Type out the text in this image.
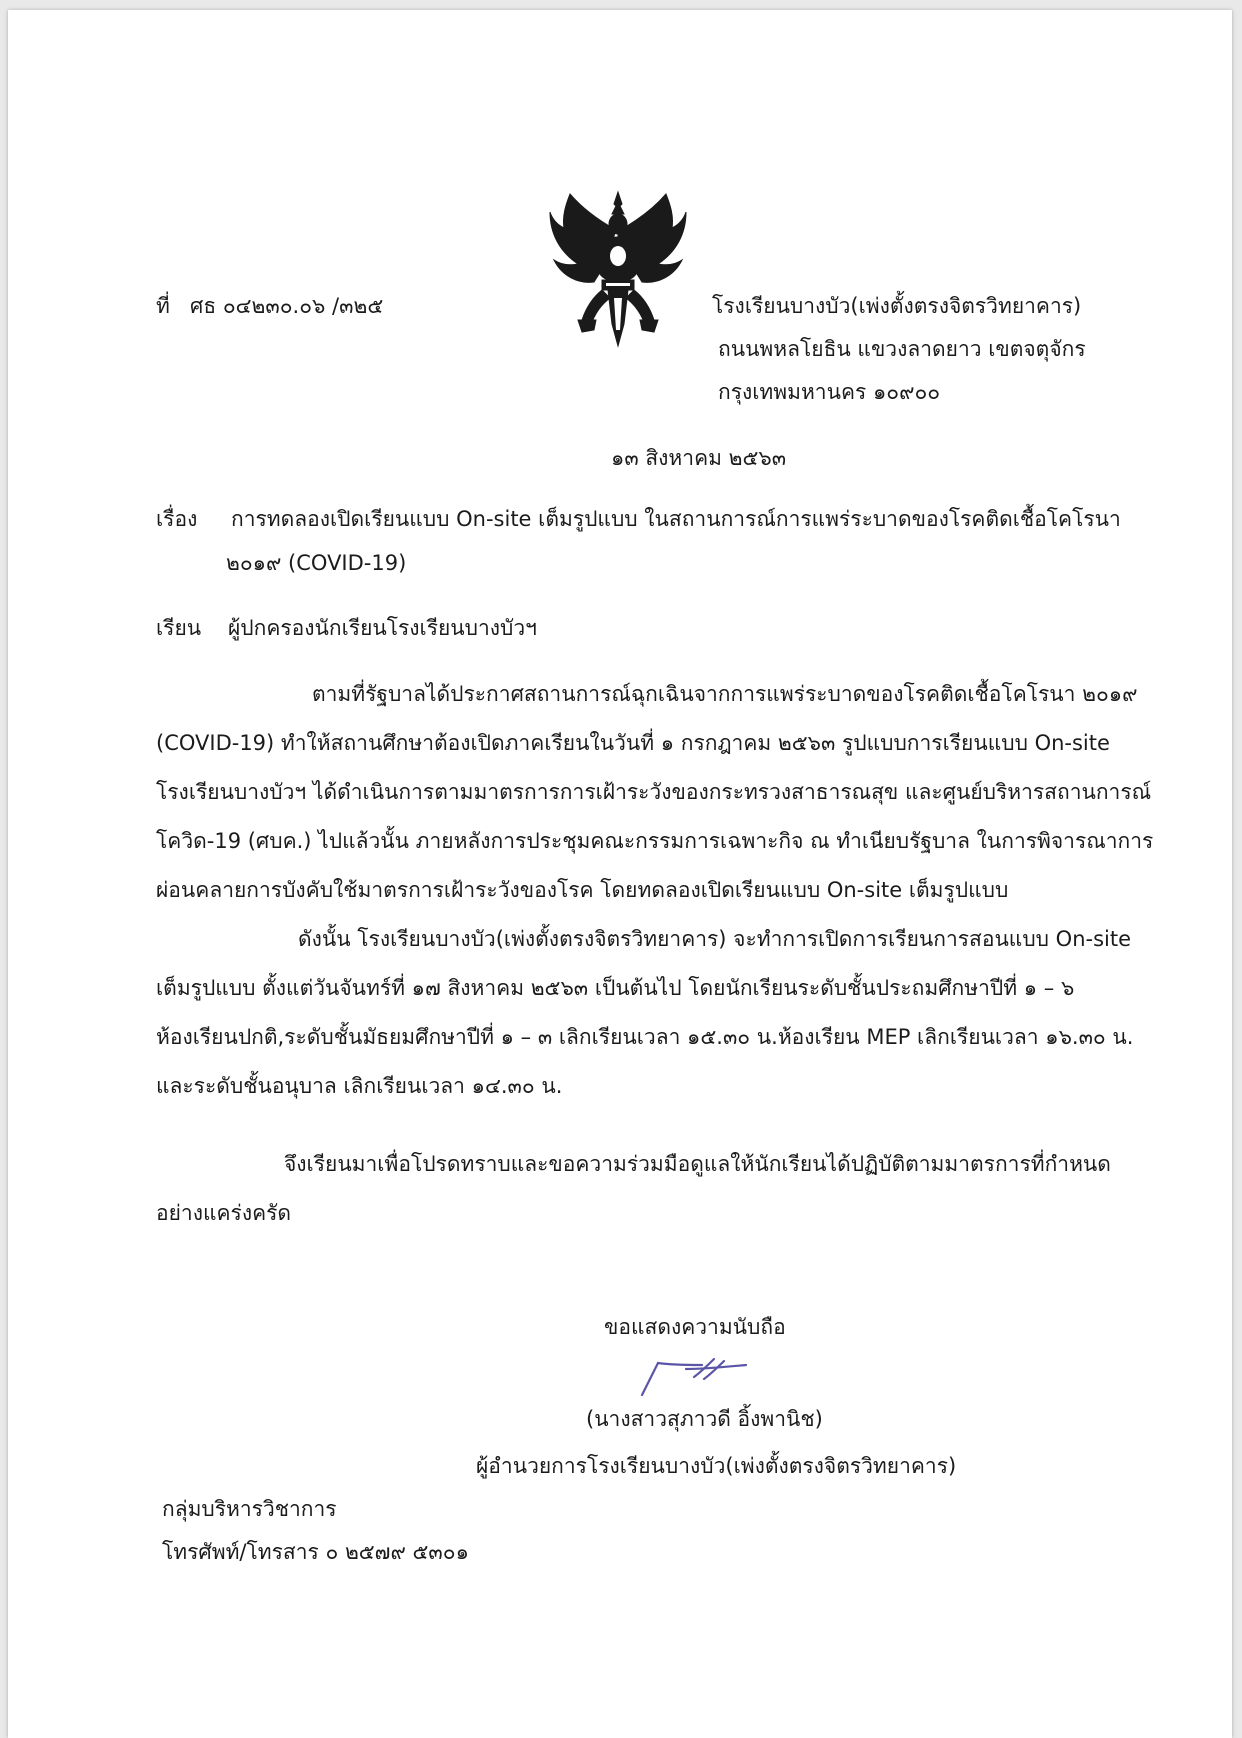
ที่ ศธ ๐๔๒๓๐.๐๖ /๓๒๕	โรงเรียนบางบัว(เพ่งตั้งตรงจิตรวิทยาคาร)
ถนนพหลโยธิน แขวงลาดยาว เขตจตุจักร
กรุงเทพมหานคร ๑๐๙๐๐
๑๓ สิงหาคม ๒๕๖๓
เรื่อง การทดลองเปิดเรียนแบบ On-site เต็มรูปแบบ ในสถานการณ์การแพร่ระบาดของโรคติดเชื้อโคโรนา
๒๐๑๙ (COVID-19)
เรียน ผู้ปกครองนักเรียนโรงเรียนบางบัวฯ
ตามที่รัฐบาลได้ประกาศสถานการณ์ฉุกเฉินจากการแพร่ระบาดของโรคติดเชื้อโคโรนา ๒๐๑๙
(COVID-19) ทำให้สถานศึกษาต้องเปิดภาคเรียนในวันที่ ๑ กรกฎาคม ๒๕๖๓ รูปแบบการเรียนแบบ On-site
โรงเรียนบางบัวฯ ได้ดำเนินการตามมาตรการการเฝ้าระวังของกระทรวงสาธารณสุข และศูนย์บริหารสถานการณ์
โควิด-19 (ศบค.) ไปแล้วนั้น ภายหลังการประชุมคณะกรรมการเฉพาะกิจ ณ ทำเนียบรัฐบาล ในการพิจารณาการ
ผ่อนคลายการบังคับใช้มาตรการเฝ้าระวังของโรค โดยทดลองเปิดเรียนแบบ On-site เต็มรูปแบบ
ดังนั้น โรงเรียนบางบัว(เพ่งตั้งตรงจิตรวิทยาคาร) จะทำการเปิดการเรียนการสอนแบบ On-site
เต็มรูปแบบ ตั้งแต่วันจันทร์ที่ ๑๗ สิงหาคม ๒๕๖๓ เป็นต้นไป โดยนักเรียนระดับชั้นประถมศึกษาปีที่ ๑ – ๖
ห้องเรียนปกติ,ระดับชั้นมัธยมศึกษาปีที่ ๑ – ๓ เลิกเรียนเวลา ๑๕.๓๐ น.ห้องเรียน MEP เลิกเรียนเวลา ๑๖.๓๐ น.
และระดับชั้นอนุบาล เลิกเรียนเวลา ๑๔.๓๐ น.
จึงเรียนมาเพื่อโปรดทราบและขอความร่วมมือดูแลให้นักเรียนได้ปฏิบัติตามมาตรการที่กำหนด
อย่างแคร่งครัด
ขอแสดงความนับถือ
(นางสาวสุภาวดี อิ้งพานิช)
ผู้อำนวยการโรงเรียนบางบัว(เพ่งตั้งตรงจิตรวิทยาคาร)
กลุ่มบริหารวิชาการ
โทรศัพท์/โทรสาร ๐ ๒๕๗๙ ๕๓๐๑
